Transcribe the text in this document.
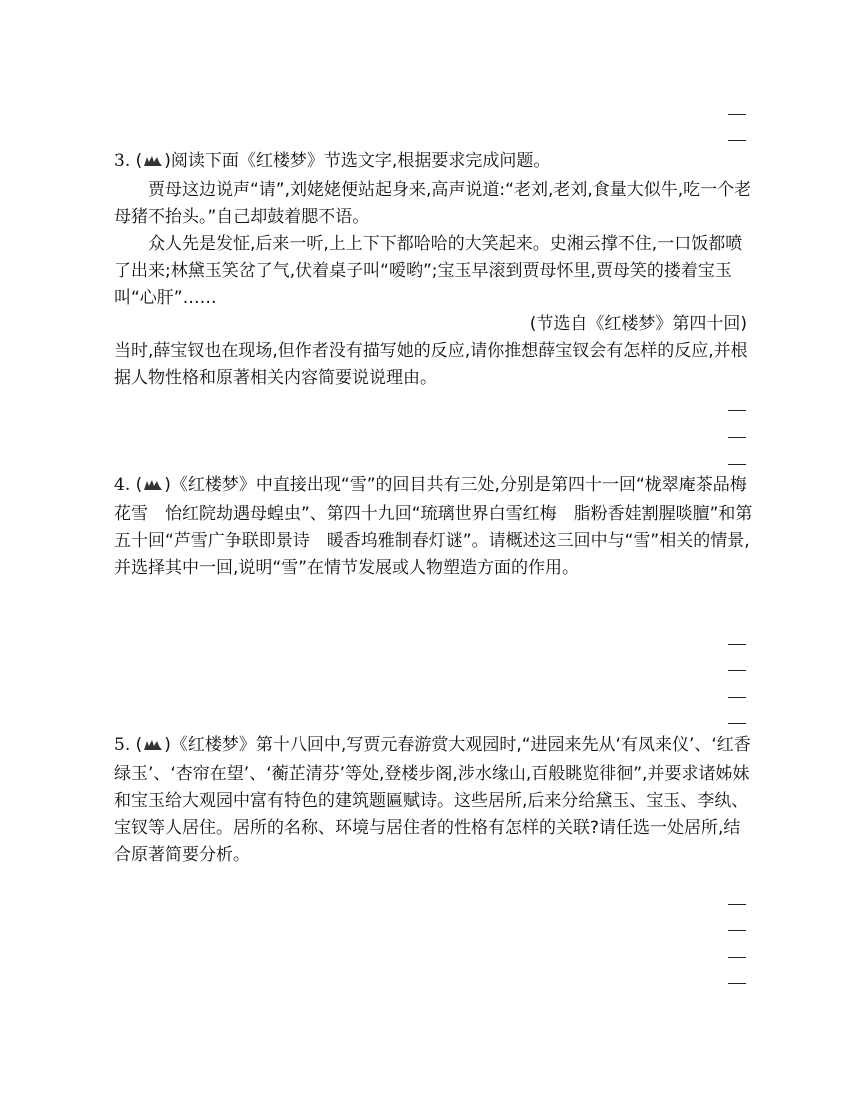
3. ( )阅读下面《红楼梦》节选文字,根据要求完成问题。
贾母这边说声“请”,刘姥姥便站起身来,高声说道:“老刘,老刘,食量大似牛,吃一个老母猪不抬头。”自己却鼓着腮不语。
众人先是发怔,后来一听,上上下下都哈哈的大笑起来。史湘云撑不住,一口饭都喷了出来;林黛玉笑岔了气,伏着桌子叫“嗳哟”;宝玉早滚到贾母怀里,贾母笑的搂着宝玉叫“心肝”……
(节选自《红楼梦》第四十回)
当时,薛宝钗也在现场,但作者没有描写她的反应,请你推想薛宝钗会有怎样的反应,并根据人物性格和原著相关内容简要说说理由。
4. ( )《红楼梦》中直接出现“雪”的回目共有三处,分别是第四十一回“栊翠庵茶品梅花雪　怡红院劫遇母蝗虫”、第四十九回“琉璃世界白雪红梅　脂粉香娃割腥啖膻”和第五十回“芦雪广争联即景诗　暖香坞雅制春灯谜”。请概述这三回中与“雪”相关的情景,并选择其中一回,说明“雪”在情节发展或人物塑造方面的作用。
5. ( )《红楼梦》第十八回中,写贾元春游赏大观园时,“进园来先从‘有凤来仪’、‘红香绿玉’、‘杏帘在望’、‘蘅芷清芬’等处,登楼步阁,涉水缘山,百般眺览徘徊”,并要求诸姊妹和宝玉给大观园中富有特色的建筑题匾赋诗。这些居所,后来分给黛玉、宝玉、李纨、宝钗等人居住。居所的名称、环境与居住者的性格有怎样的关联?请任选一处居所,结合原著简要分析。
